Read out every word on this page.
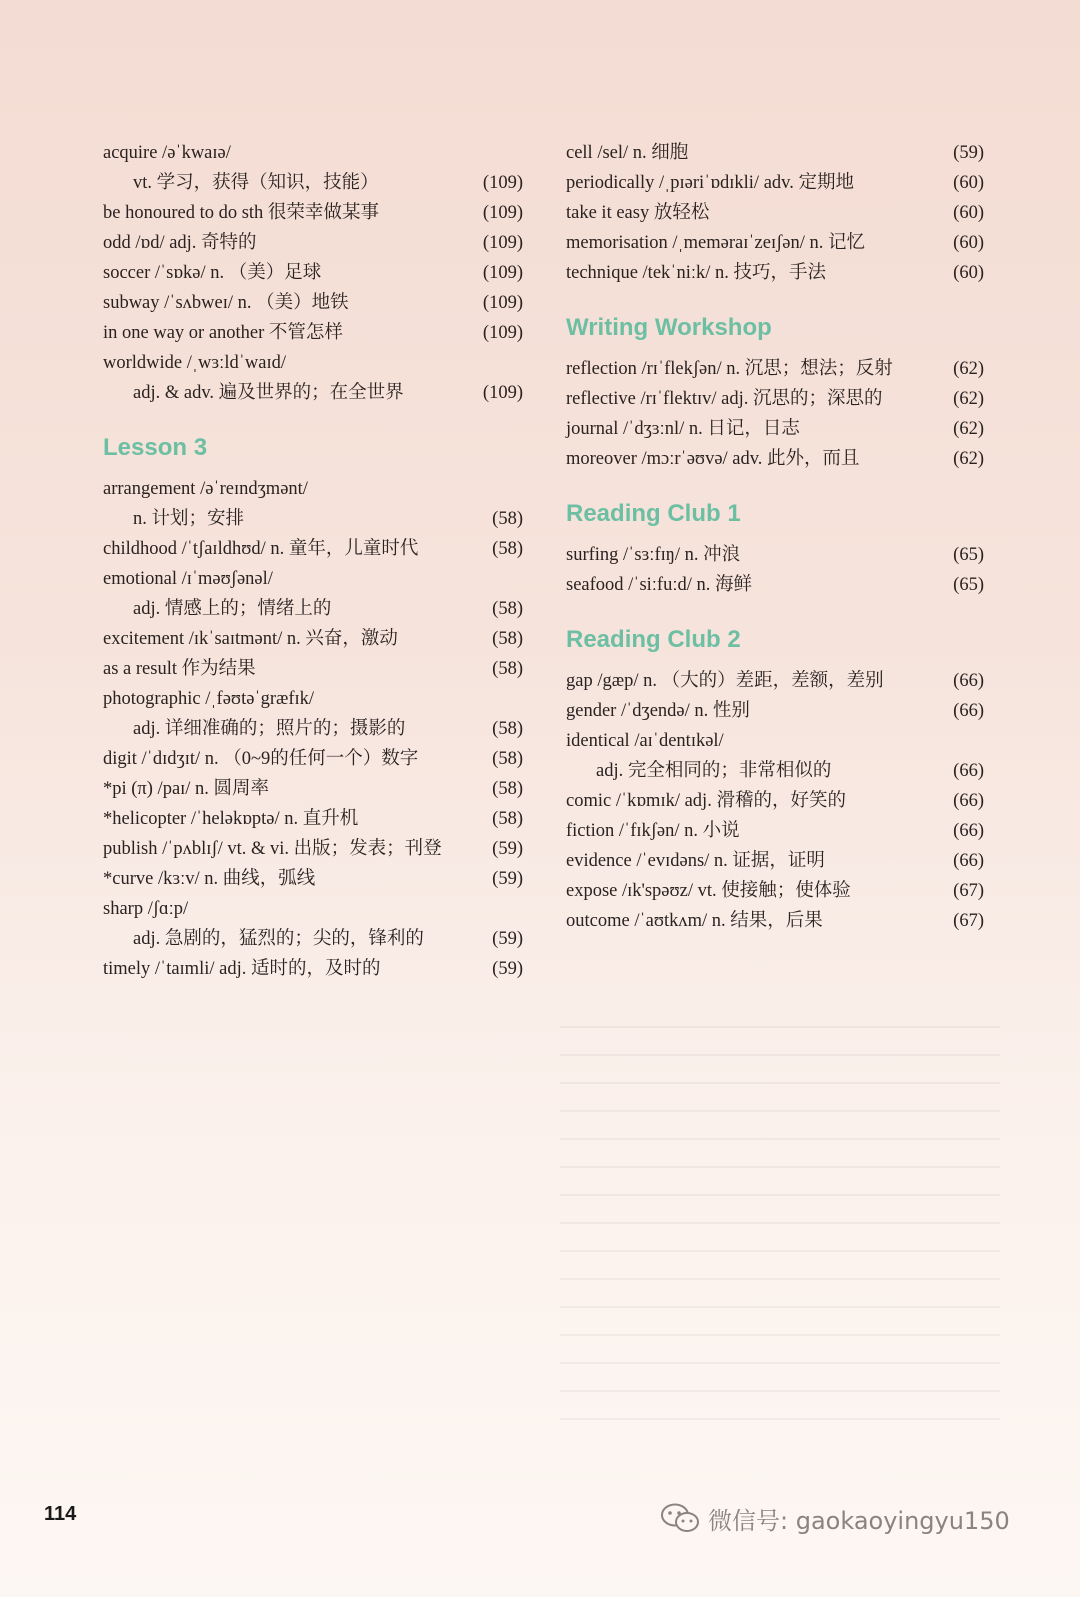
acquire /əˈkwaɪə/
vt. 学习，获得（知识，技能）	(109)
be honoured to do sth 很荣幸做某事	(109)
odd /ɒd/ adj. 奇特的	(109)
soccer /ˈsɒkə/ n. （美）足球	(109)
subway /ˈsʌbweɪ/ n. （美）地铁	(109)
in one way or another 不管怎样	(109)
worldwide /ˌwɜːldˈwaɪd/
adj. & adv. 遍及世界的；在全世界	(109)
Lesson 3
arrangement /əˈreɪndʒmənt/
n. 计划；安排	(58)
childhood /ˈtʃaɪldhʊd/ n. 童年，儿童时代	(58)
emotional /ɪˈməʊʃənəl/
adj. 情感上的；情绪上的	(58)
excitement /ɪkˈsaɪtmənt/ n. 兴奋，激动	(58)
as a result 作为结果	(58)
photographic /ˌfəʊtəˈgræfɪk/
adj. 详细准确的；照片的；摄影的	(58)
digit /ˈdɪdʒɪt/ n. （0~9的任何一个）数字	(58)
*pi (π) /paɪ/ n. 圆周率	(58)
*helicopter /ˈheləkɒptə/ n. 直升机	(58)
publish /ˈpʌblɪʃ/ vt. & vi. 出版；发表；刊登	(59)
*curve /kɜːv/ n. 曲线，弧线	(59)
sharp /ʃɑːp/
adj. 急剧的，猛烈的；尖的，锋利的	(59)
timely /ˈtaɪmli/ adj. 适时的，及时的	(59)
cell /sel/ n. 细胞	(59)
periodically /ˌpɪəriˈɒdɪkli/ adv. 定期地	(60)
take it easy 放轻松	(60)
memorisation /ˌmeməraɪˈzeɪʃən/ n. 记忆	(60)
technique /tekˈniːk/ n. 技巧，手法	(60)
Writing Workshop
reflection /rɪˈflekʃən/ n. 沉思；想法；反射	(62)
reflective /rɪˈflektɪv/ adj. 沉思的；深思的	(62)
journal /ˈdʒɜːnl/ n. 日记，日志	(62)
moreover /mɔːrˈəʊvə/ adv. 此外，而且	(62)
Reading Club 1
surfing /ˈsɜːfɪŋ/ n. 冲浪	(65)
seafood /ˈsiːfuːd/ n. 海鲜	(65)
Reading Club 2
gap /gæp/ n. （大的）差距，差额，差别	(66)
gender /ˈdʒendə/ n. 性别	(66)
identical /aɪˈdentɪkəl/
adj. 完全相同的；非常相似的	(66)
comic /ˈkɒmɪk/ adj. 滑稽的，好笑的	(66)
fiction /ˈfɪkʃən/ n. 小说	(66)
evidence /ˈevɪdəns/ n. 证据，证明	(66)
expose /ɪk'spəʊz/ vt. 使接触；使体验	(67)
outcome /ˈaʊtkʌm/ n. 结果，后果	(67)
114	微信号: gaokaoyingyu150
